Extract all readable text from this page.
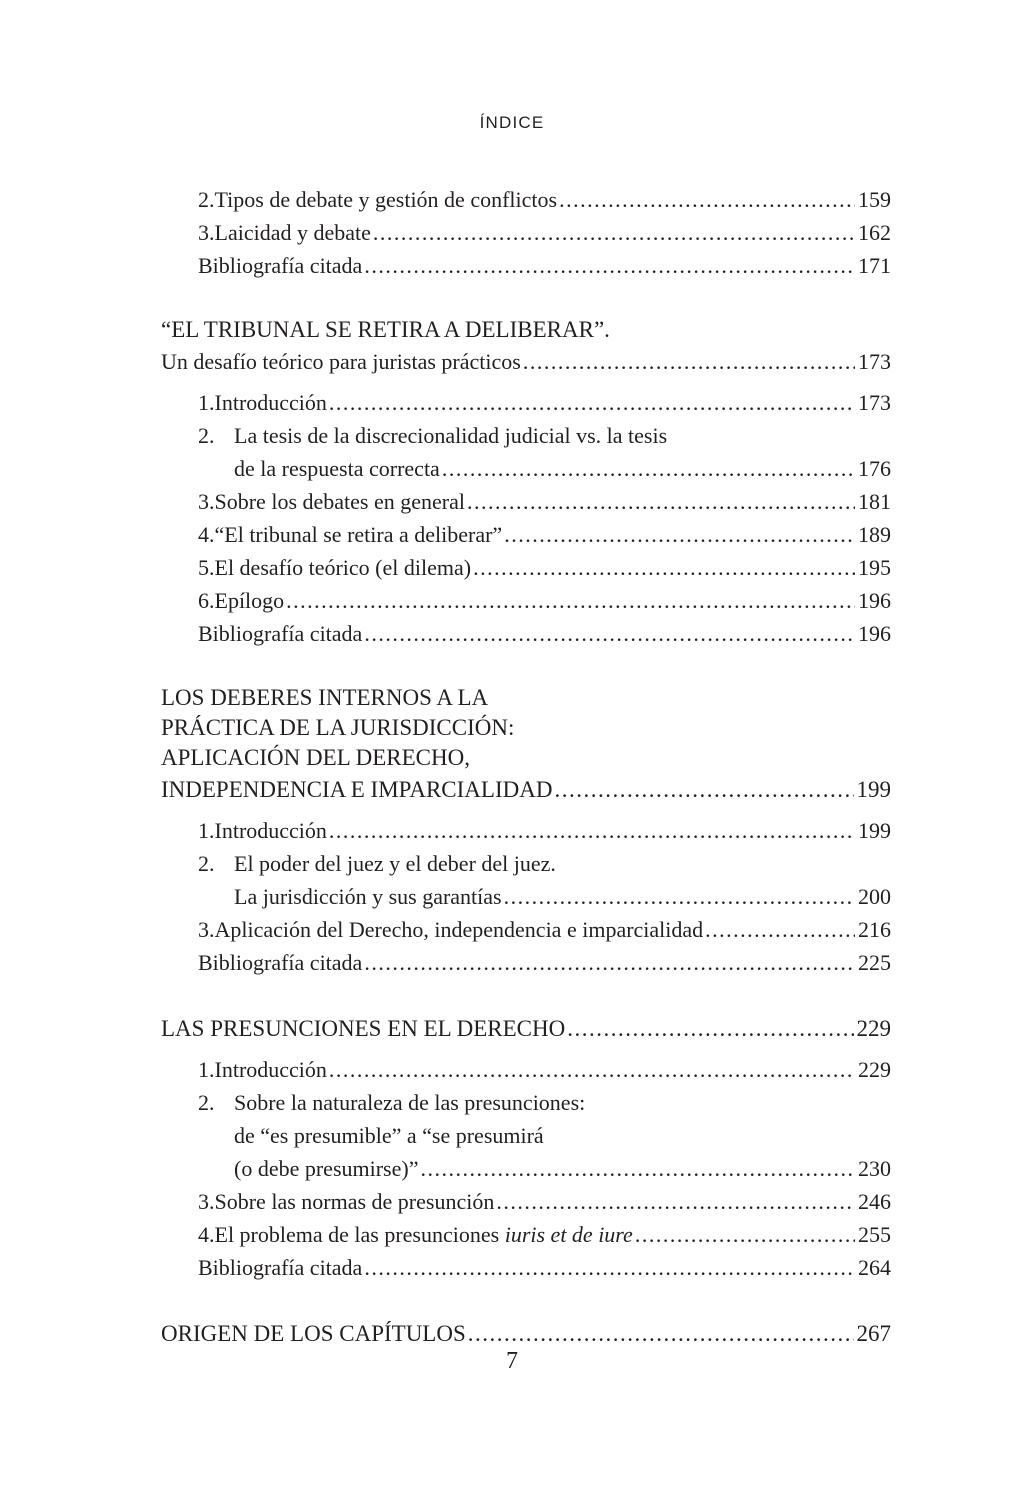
ÍNDICE
2. Tipos de debate y gestión de conflictos .....	159
3. Laicidad y debate .....	162
Bibliografía citada .....	171
“EL TRIBUNAL SE RETIRA A DELIBERAR”.
Un desafío teórico para juristas prácticos .....	173
1. Introducción .....	173
2. La tesis de la discrecionalidad judicial vs. la tesis
de la respuesta correcta .....	176
3. Sobre los debates en general .....	181
4. “El tribunal se retira a deliberar” .....	189
5. El desafío teórico (el dilema) .....	195
6. Epílogo .....	196
Bibliografía citada .....	196
LOS DEBERES INTERNOS A LA
PRÁCTICA DE LA JURISDICCIÓN:
APLICACIÓN DEL DERECHO,
INDEPENDENCIA E IMPARCIALIDAD .....	199
1. Introducción .....	199
2. El poder del juez y el deber del juez.
La jurisdicción y sus garantías .....	200
3. Aplicación del Derecho, independencia e imparcialidad .....	216
Bibliografía citada .....	225
LAS PRESUNCIONES EN EL DERECHO .....	229
1. Introducción .....	229
2. Sobre la naturaleza de las presunciones:
de “es presumible” a “se presumirá
(o debe presumirse)” .....	230
3. Sobre las normas de presunción .....	246
4. El problema de las presunciones iuris et de iure .....	255
Bibliografía citada .....	264
ORIGEN DE LOS CAPÍTULOS .....	267
7
